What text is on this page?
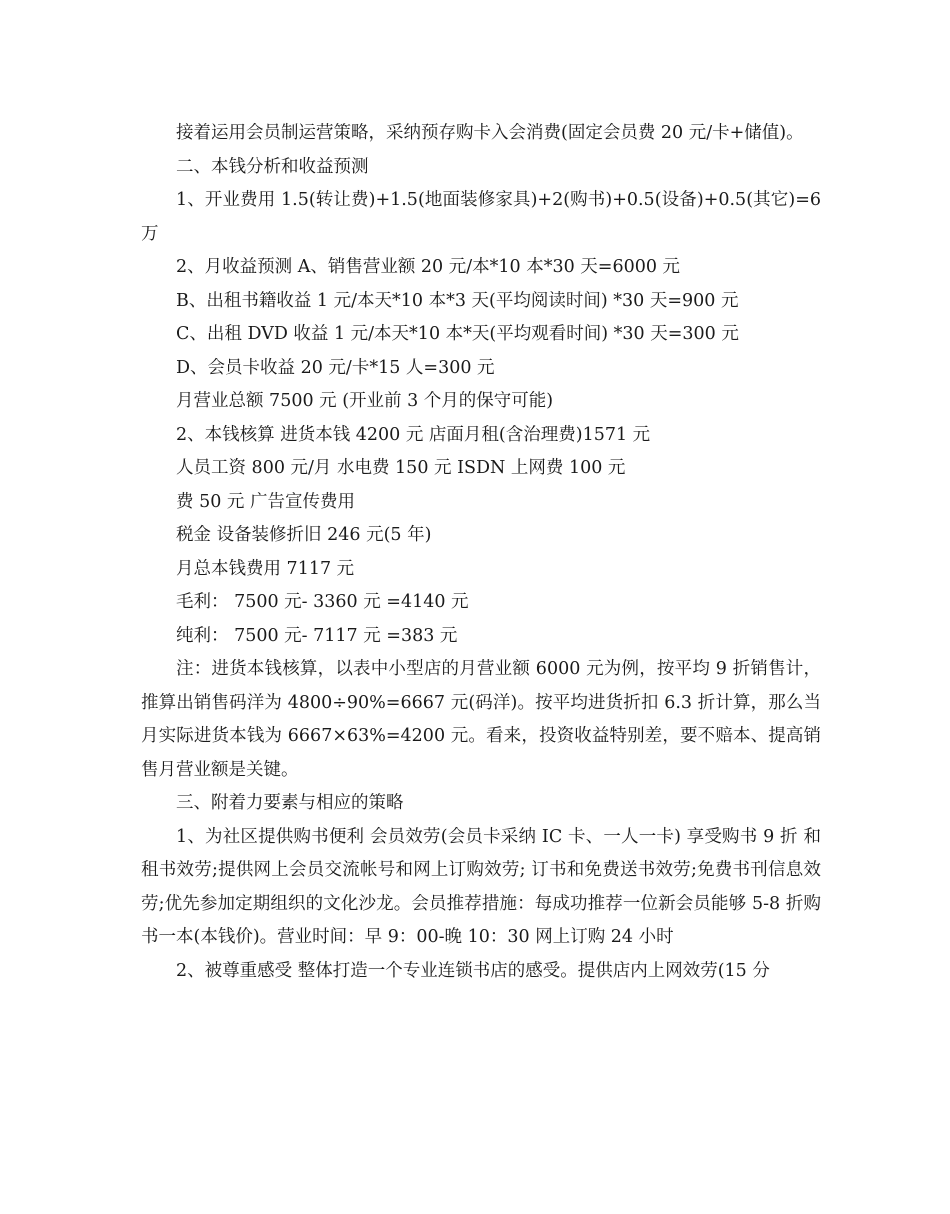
接着运用会员制运营策略，采纳预存购卡入会消费(固定会员费 20 元/卡+储值)。

二、本钱分析和收益预测

1、开业费用 1.5(转让费)+1.5(地面装修家具)+2(购书)+0.5(设备)+0.5(其它)=6 万

2、月收益预测 A、销售营业额 20 元/本*10 本*30 天=6000 元

B、出租书籍收益 1 元/本天*10 本*3 天(平均阅读时间) *30 天=900 元

C、出租 DVD 收益 1 元/本天*10 本*天(平均观看时间) *30 天=300 元

D、会员卡收益 20 元/卡*15 人=300 元

月营业总额 7500 元 (开业前 3 个月的保守可能)

2、本钱核算 进货本钱 4200 元 店面月租(含治理费)1571 元

人员工资 800 元/月 水电费 150 元 ISDN 上网费 100 元

费 50 元 广告宣传费用

税金 设备装修折旧 246 元(5 年)

月总本钱费用 7117 元

毛利： 7500 元- 3360 元 =4140 元

纯利： 7500 元- 7117 元 =383 元

注：进货本钱核算，以表中小型店的月营业额 6000 元为例，按平均 9 折销售计，推算出销售码洋为 4800÷90%=6667 元(码洋)。按平均进货折扣 6.3 折计算，那么当月实际进货本钱为 6667×63%=4200 元。看来，投资收益特别差，要不赔本、提高销售月营业额是关键。

三、附着力要素与相应的策略

1、为社区提供购书便利 会员效劳(会员卡采纳 IC 卡、一人一卡) 享受购书 9 折 和租书效劳;提供网上会员交流帐号和网上订购效劳; 订书和免费送书效劳;免费书刊信息效劳;优先参加定期组织的文化沙龙。会员推荐措施：每成功推荐一位新会员能够 5-8 折购书一本(本钱价)。营业时间：早 9：00-晚 10：30 网上订购 24 小时

2、被尊重感受 整体打造一个专业连锁书店的感受。提供店内上网效劳(15 分
